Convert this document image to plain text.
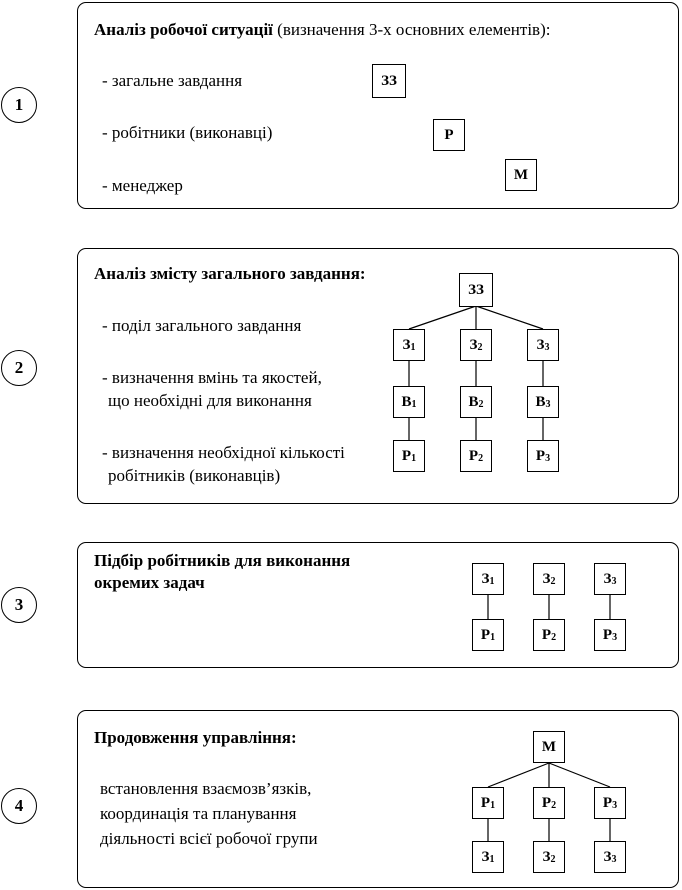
1
2
3
4
Аналіз робочої ситуації (визначення 3-х основних елементів):
- загальне завдання
- робітники (виконавці)
- менеджер
ЗЗ
Р
М
Аналіз змісту загального завдання:
- поділ загального завдання
- визначення вмінь та якостей,
що необхідні для виконання
- визначення необхідної кількості
робітників (виконавців)
ЗЗ
З 1	З 2	З 3
В 1	В 2	В 3
Р 1	Р 2	Р 3
Підбір робітників для виконання
окремих задач	З 1	З 2	З 3
Р 1	Р 2	Р 3
Продовження управління:
встановлення взаємозв’язків,
координація та планування
діяльності всієї робочої групи
М
Р 1	Р 2	Р 3
З 1	З 2	З 3
